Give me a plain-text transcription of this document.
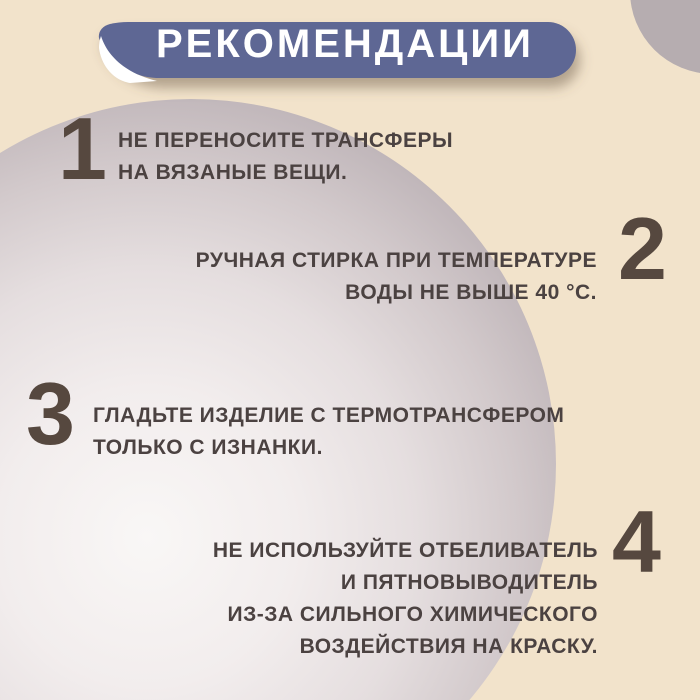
РЕКОМЕНДАЦИИ
1 НЕ ПЕРЕНОСИТЕ ТРАНСФЕРЫ
НА ВЯЗАНЫЕ ВЕЩИ.
2
РУЧНАЯ СТИРКА ПРИ ТЕМПЕРАТУРЕ
ВОДЫ НЕ ВЫШЕ 40 °С.
3 ГЛАДЬТЕ ИЗДЕЛИЕ С ТЕРМОТРАНСФЕРОМ
ТОЛЬКО С ИЗНАНКИ.
4
НЕ ИСПОЛЬЗУЙТЕ ОТБЕЛИВАТЕЛЬ
И ПЯТНОВЫВОДИТЕЛЬ
ИЗ-ЗА СИЛЬНОГО ХИМИЧЕСКОГО
ВОЗДЕЙСТВИЯ НА КРАСКУ.
